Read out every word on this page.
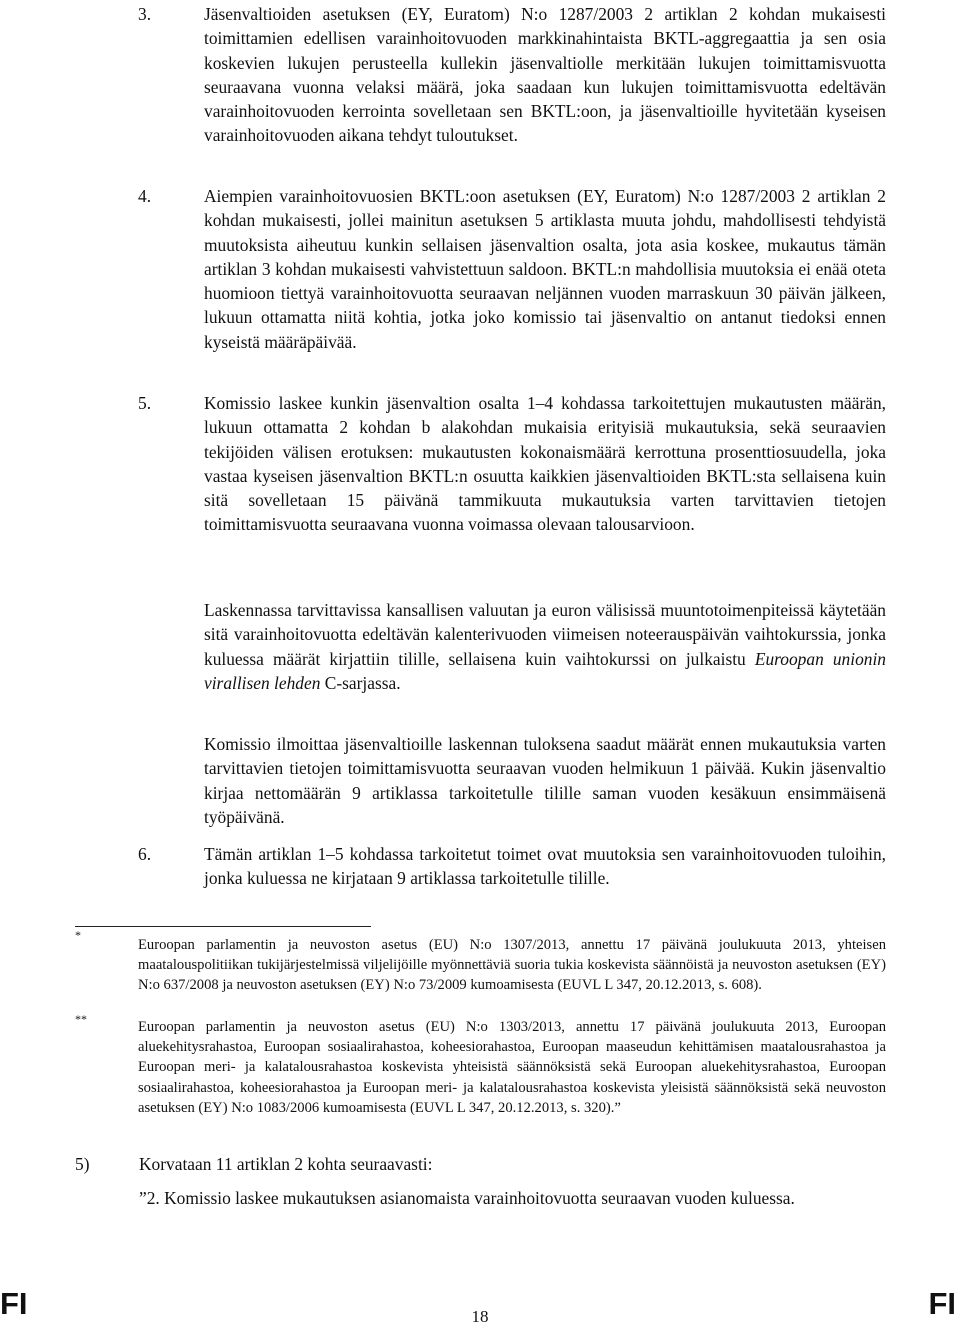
3.	Jäsenvaltioiden asetuksen (EY, Euratom) N:o 1287/2003 2 artiklan 2 kohdan mukaisesti toimittamien edellisen varainhoitovuoden markkinahintaista BKTL-aggregaattia ja sen osia koskevien lukujen perusteella kullekin jäsenvaltiolle merkitään lukujen toimittamisvuotta seuraavana vuonna velaksi määrä, joka saadaan kun lukujen toimittamisvuotta edeltävän varainhoitovuoden kerrointa sovelletaan sen BKTL:oon, ja jäsenvaltioille hyvitetään kyseisen varainhoitovuoden aikana tehdyt tuloutukset.
4.	Aiempien varainhoitovuosien BKTL:oon asetuksen (EY, Euratom) N:o 1287/2003 2 artiklan 2 kohdan mukaisesti, jollei mainitun asetuksen 5 artiklasta muuta johdu, mahdollisesti tehdyistä muutoksista aiheutuu kunkin sellaisen jäsenvaltion osalta, jota asia koskee, mukautus tämän artiklan 3 kohdan mukaisesti vahvistettuun saldoon. BKTL:n mahdollisia muutoksia ei enää oteta huomioon tiettyä varainhoitovuotta seuraavan neljännen vuoden marraskuun 30 päivän jälkeen, lukuun ottamatta niitä kohtia, jotka joko komissio tai jäsenvaltio on antanut tiedoksi ennen kyseistä määräpäivää.
5.	Komissio laskee kunkin jäsenvaltion osalta 1–4 kohdassa tarkoitettujen mukautusten määrän, lukuun ottamatta 2 kohdan b alakohdan mukaisia erityisiä mukautuksia, sekä seuraavien tekijöiden välisen erotuksen: mukautusten kokonaismäärä kerrottuna prosenttiosuudella, joka vastaa kyseisen jäsenvaltion BKTL:n osuutta kaikkien jäsenvaltioiden BKTL:sta sellaisena kuin sitä sovelletaan 15 päivänä tammikuuta mukautuksia varten tarvittavien tietojen toimittamisvuotta seuraavana vuonna voimassa olevaan talousarvioon.
Laskennassa tarvittavissa kansallisen valuutan ja euron välisissä muuntotoimenpiteissä käytetään sitä varainhoitovuotta edeltävän kalenterivuoden viimeisen noteerauspäivän vaihtokurssia, jonka kuluessa määrät kirjattiin tilille, sellaisena kuin vaihtokurssi on julkaistu Euroopan unionin virallisen lehden C-sarjassa.
Komissio ilmoittaa jäsenvaltioille laskennan tuloksena saadut määrät ennen mukautuksia varten tarvittavien tietojen toimittamisvuotta seuraavan vuoden helmikuun 1 päivää. Kukin jäsenvaltio kirjaa nettomäärän 9 artiklassa tarkoitetulle tilille saman vuoden kesäkuun ensimmäisenä työpäivänä.
6.	Tämän artiklan 1–5 kohdassa tarkoitetut toimet ovat muutoksia sen varainhoitovuoden tuloihin, jonka kuluessa ne kirjataan 9 artiklassa tarkoitetulle tilille.
*
Euroopan parlamentin ja neuvoston asetus (EU) N:o 1307/2013, annettu 17 päivänä joulukuuta 2013, yhteisen maatalouspolitiikan tukijärjestelmissä viljelijöille myönnettäviä suoria tukia koskevista säännöistä ja neuvoston asetuksen (EY) N:o 637/2008 ja neuvoston asetuksen (EY) N:o 73/2009 kumoamisesta (EUVL L 347, 20.12.2013, s. 608).
**	Euroopan parlamentin ja neuvoston asetus (EU) N:o 1303/2013, annettu 17 päivänä joulukuuta 2013, Euroopan aluekehitysrahastoa, Euroopan sosiaalirahastoa, koheesiorahastoa, Euroopan maaseudun kehittämisen maatalousrahastoa ja Euroopan meri- ja kalatalousrahastoa koskevista yhteisistä säännöksistä sekä Euroopan aluekehitysrahastoa, Euroopan sosiaalirahastoa, koheesiorahastoa ja Euroopan meri- ja kalatalousrahastoa koskevista yleisistä säännöksistä sekä neuvoston asetuksen (EY) N:o 1083/2006 kumoamisesta (EUVL L 347, 20.12.2013, s. 320).”
5)	Korvataan 11 artiklan 2 kohta seuraavasti:
”2. Komissio laskee mukautuksen asianomaista varainhoitovuotta seuraavan vuoden kuluessa.
FI	18	FI
